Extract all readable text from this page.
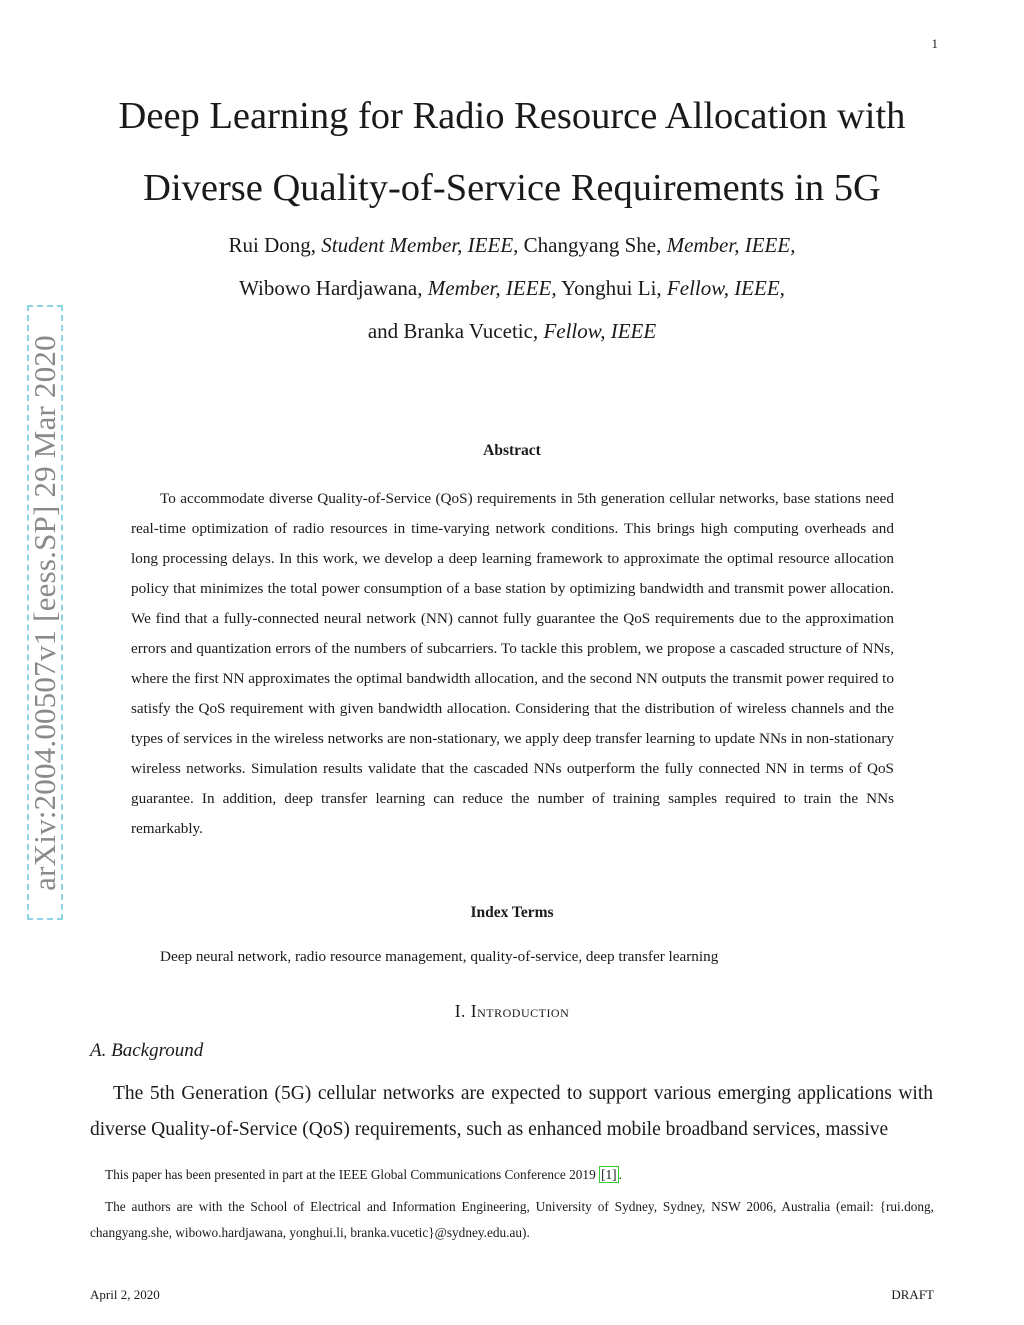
1
arXiv:2004.00507v1 [eess.SP] 29 Mar 2020
Deep Learning for Radio Resource Allocation with
Diverse Quality-of-Service Requirements in 5G
Rui Dong, Student Member, IEEE, Changyang She, Member, IEEE,
Wibowo Hardjawana, Member, IEEE, Yonghui Li, Fellow, IEEE,
and Branka Vucetic, Fellow, IEEE
Abstract

To accommodate diverse Quality-of-Service (QoS) requirements in 5th generation cellular networks, base stations need real-time optimization of radio resources in time-varying network conditions. This brings high computing overheads and long processing delays. In this work, we develop a deep learning framework to approximate the optimal resource allocation policy that minimizes the total power consumption of a base station by optimizing bandwidth and transmit power allocation. We find that a fully-connected neural network (NN) cannot fully guarantee the QoS requirements due to the approximation errors and quantization errors of the numbers of subcarriers. To tackle this problem, we propose a cascaded structure of NNs, where the first NN approximates the optimal bandwidth allocation, and the second NN outputs the transmit power required to satisfy the QoS requirement with given bandwidth allocation. Considering that the distribution of wireless channels and the types of services in the wireless networks are non-stationary, we apply deep transfer learning to update NNs in non-stationary wireless networks. Simulation results validate that the cascaded NNs outperform the fully connected NN in terms of QoS guarantee. In addition, deep transfer learning can reduce the number of training samples required to train the NNs remarkably.

Index Terms
Deep neural network, radio resource management, quality-of-service, deep transfer learning
I. Introduction
A. Background

The 5th Generation (5G) cellular networks are expected to support various emerging applications with diverse Quality-of-Service (QoS) requirements, such as enhanced mobile broadband services, massive

This paper has been presented in part at the IEEE Global Communications Conference 2019 [1] .

The authors are with the School of Electrical and Information Engineering, University of Sydney, Sydney, NSW 2006, Australia (email: {rui.dong, changyang.she, wibowo.hardjawana, yonghui.li, branka.vucetic}@sydney.edu.au).

April 2, 2020	DRAFT
